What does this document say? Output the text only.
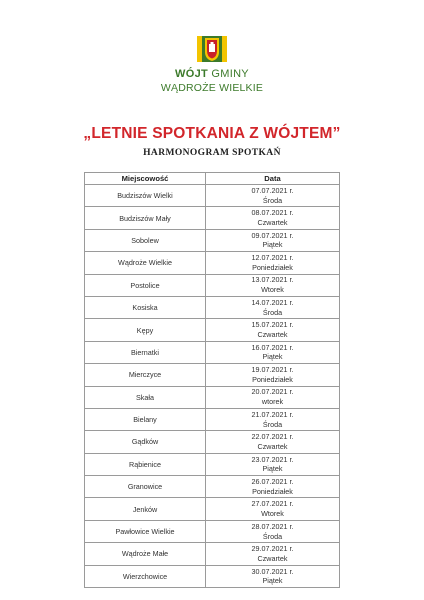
WÓJT GMINY
WĄDROŻE WIELKIE
„LETNIE SPOTKANIA Z WÓJTEM”
HARMONOGRAM SPOTKAŃ
Miejscowość	Data
Budziszów Wielki	07.07.2021 r.
Środa

Budziszów Mały	08.07.2021 r.
Czwartek

Sobolew	09.07.2021 r.
Piątek

Wądroże Wielkie	12.07.2021 r.
Poniedziałek

Postolice	13.07.2021 r.
Wtorek

Kosiska	14.07.2021 r.
Środa

Kępy	15.07.2021 r.
Czwartek

Biernatki	16.07.2021 r.
Piątek

Mierczyce	19.07.2021 r.
Poniedziałek

Skała	20.07.2021 r.
wtorek

Bielany	21.07.2021 r.
Środa

Gądków	22.07.2021 r.
Czwartek

Rąbienice	23.07.2021 r.
Piątek

Granowice	26.07.2021 r.
Poniedziałek

Jenków	27.07.2021 r.
Wtorek

Pawłowice Wielkie	28.07.2021 r.
Środa

Wądroże Małe	29.07.2021 r.
Czwartek

Wierzchowice	30.07.2021 r.
Piątek
